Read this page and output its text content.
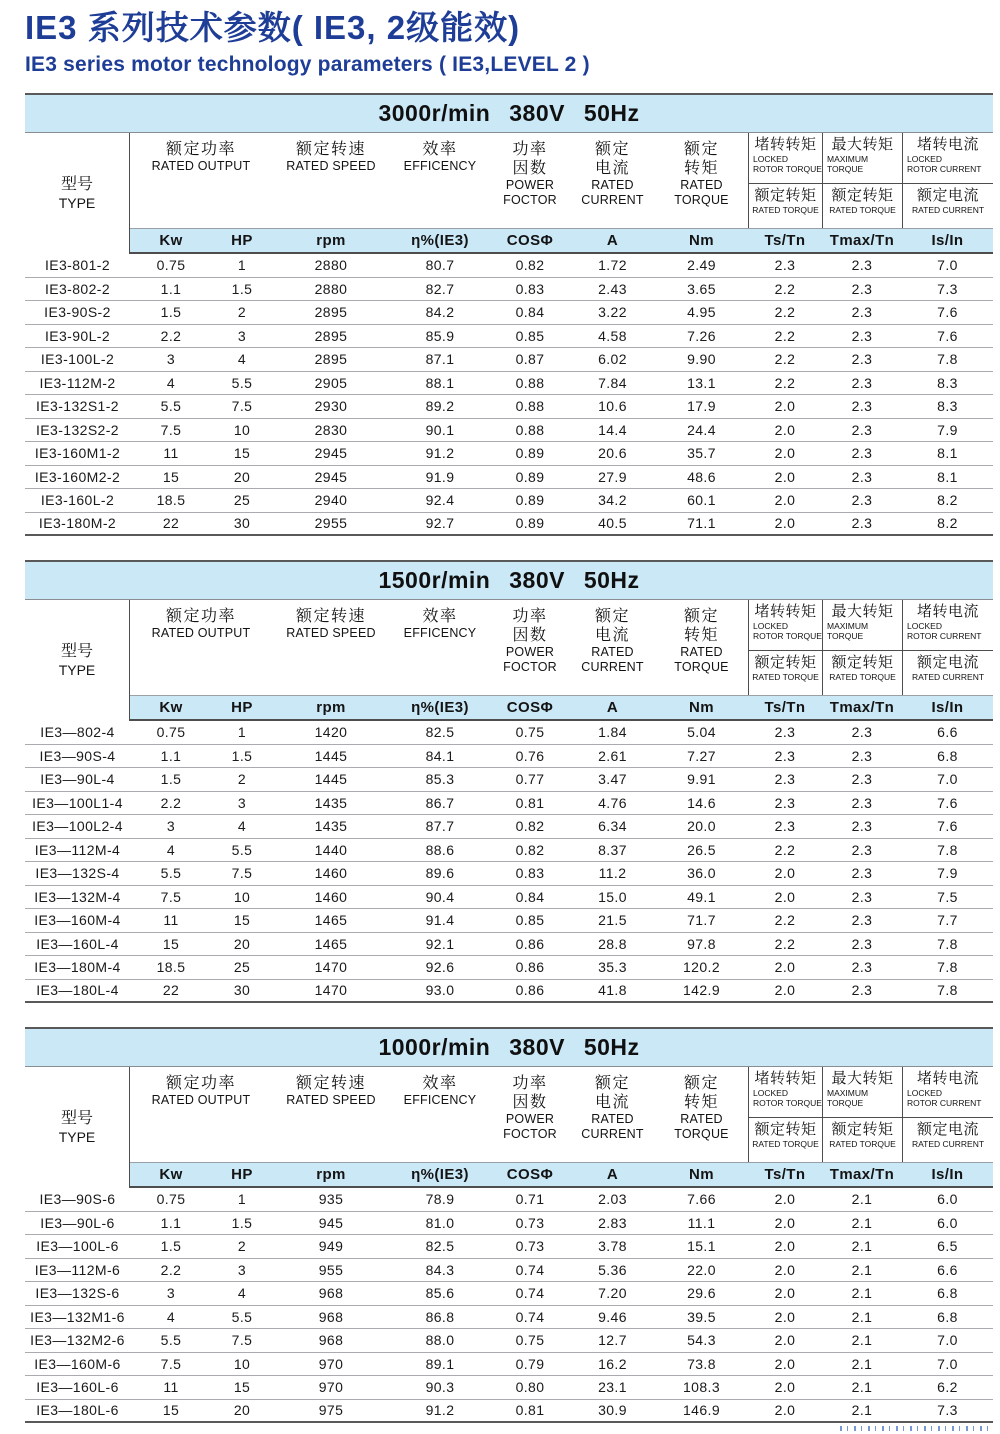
IE3 系列技术参数( IE3, 2级能效)
IE3 series motor technology parameters ( IE3,LEVEL 2 )
3000r/min 380V 50Hz
型号
TYPE
额定功率
RATED OUTPUT
额定转速
RATED SPEED
效率
EFFICENCY
功率
因数
POWER
FOCTOR
额定
电流
RATED
CURRENT
额定
转矩
RATED
TORQUE
堵转转矩
LOCKED
ROTOR TORQUE
额定转矩
RATED TORQUE
最大转矩
MAXIMUM
TORQUE
额定转矩
RATED TORQUE
堵转电流
LOCKED
ROTOR CURRENT
额定电流
RATED CURRENT
Kw	HP	rpm	η%(IE3)	COSΦ	A	Nm	Ts/Tn	Tmax/Tn	Is/In
IE3-801-2	0.75	1	2880	80.7	0.82	1.72	2.49	2.3	2.3	7.0
IE3-802-2	1.1	1.5	2880	82.7	0.83	2.43	3.65	2.2	2.3	7.3
IE3-90S-2	1.5	2	2895	84.2	0.84	3.22	4.95	2.2	2.3	7.6
IE3-90L-2	2.2	3	2895	85.9	0.85	4.58	7.26	2.2	2.3	7.6
IE3-100L-2	3	4	2895	87.1	0.87	6.02	9.90	2.2	2.3	7.8
IE3-112M-2	4	5.5	2905	88.1	0.88	7.84	13.1	2.2	2.3	8.3
IE3-132S1-2	5.5	7.5	2930	89.2	0.88	10.6	17.9	2.0	2.3	8.3
IE3-132S2-2	7.5	10	2830	90.1	0.88	14.4	24.4	2.0	2.3	7.9
IE3-160M1-2	11	15	2945	91.2	0.89	20.6	35.7	2.0	2.3	8.1
IE3-160M2-2	15	20	2945	91.9	0.89	27.9	48.6	2.0	2.3	8.1
IE3-160L-2	18.5	25	2940	92.4	0.89	34.2	60.1	2.0	2.3	8.2
IE3-180M-2	22	30	2955	92.7	0.89	40.5	71.1	2.0	2.3	8.2
1500r/min 380V 50Hz
型号
TYPE
额定功率
RATED OUTPUT
额定转速
RATED SPEED
效率
EFFICENCY
功率
因数
POWER
FOCTOR
额定
电流
RATED
CURRENT
额定
转矩
RATED
TORQUE
堵转转矩
LOCKED
ROTOR TORQUE
额定转矩
RATED TORQUE
最大转矩
MAXIMUM
TORQUE
额定转矩
RATED TORQUE
堵转电流
LOCKED
ROTOR CURRENT
额定电流
RATED CURRENT
Kw	HP	rpm	η%(IE3)	COSΦ	A	Nm	Ts/Tn	Tmax/Tn	Is/In
IE3—802-4	0.75	1	1420	82.5	0.75	1.84	5.04	2.3	2.3	6.6
IE3—90S-4	1.1	1.5	1445	84.1	0.76	2.61	7.27	2.3	2.3	6.8
IE3—90L-4	1.5	2	1445	85.3	0.77	3.47	9.91	2.3	2.3	7.0
IE3—100L1-4	2.2	3	1435	86.7	0.81	4.76	14.6	2.3	2.3	7.6
IE3—100L2-4	3	4	1435	87.7	0.82	6.34	20.0	2.3	2.3	7.6
IE3—112M-4	4	5.5	1440	88.6	0.82	8.37	26.5	2.2	2.3	7.8
IE3—132S-4	5.5	7.5	1460	89.6	0.83	11.2	36.0	2.0	2.3	7.9
IE3—132M-4	7.5	10	1460	90.4	0.84	15.0	49.1	2.0	2.3	7.5
IE3—160M-4	11	15	1465	91.4	0.85	21.5	71.7	2.2	2.3	7.7
IE3—160L-4	15	20	1465	92.1	0.86	28.8	97.8	2.2	2.3	7.8
IE3—180M-4	18.5	25	1470	92.6	0.86	35.3	120.2	2.0	2.3	7.8
IE3—180L-4	22	30	1470	93.0	0.86	41.8	142.9	2.0	2.3	7.8
1000r/min 380V 50Hz
型号
TYPE
额定功率
RATED OUTPUT
额定转速
RATED SPEED
效率
EFFICENCY
功率
因数
POWER
FOCTOR
额定
电流
RATED
CURRENT
额定
转矩
RATED
TORQUE
堵转转矩
LOCKED
ROTOR TORQUE
额定转矩
RATED TORQUE
最大转矩
MAXIMUM
TORQUE
额定转矩
RATED TORQUE
堵转电流
LOCKED
ROTOR CURRENT
额定电流
RATED CURRENT
Kw	HP	rpm	η%(IE3)	COSΦ	A	Nm	Ts/Tn	Tmax/Tn	Is/In
IE3—90S-6	0.75	1	935	78.9	0.71	2.03	7.66	2.0	2.1	6.0
IE3—90L-6	1.1	1.5	945	81.0	0.73	2.83	11.1	2.0	2.1	6.0
IE3—100L-6	1.5	2	949	82.5	0.73	3.78	15.1	2.0	2.1	6.5
IE3—112M-6	2.2	3	955	84.3	0.74	5.36	22.0	2.0	2.1	6.6
IE3—132S-6	3	4	968	85.6	0.74	7.20	29.6	2.0	2.1	6.8
IE3—132M1-6	4	5.5	968	86.8	0.74	9.46	39.5	2.0	2.1	6.8
IE3—132M2-6	5.5	7.5	968	88.0	0.75	12.7	54.3	2.0	2.1	7.0
IE3—160M-6	7.5	10	970	89.1	0.79	16.2	73.8	2.0	2.1	7.0
IE3—160L-6	11	15	970	90.3	0.80	23.1	108.3	2.0	2.1	6.2
IE3—180L-6	15	20	975	91.2	0.81	30.9	146.9	2.0	2.1	7.3
